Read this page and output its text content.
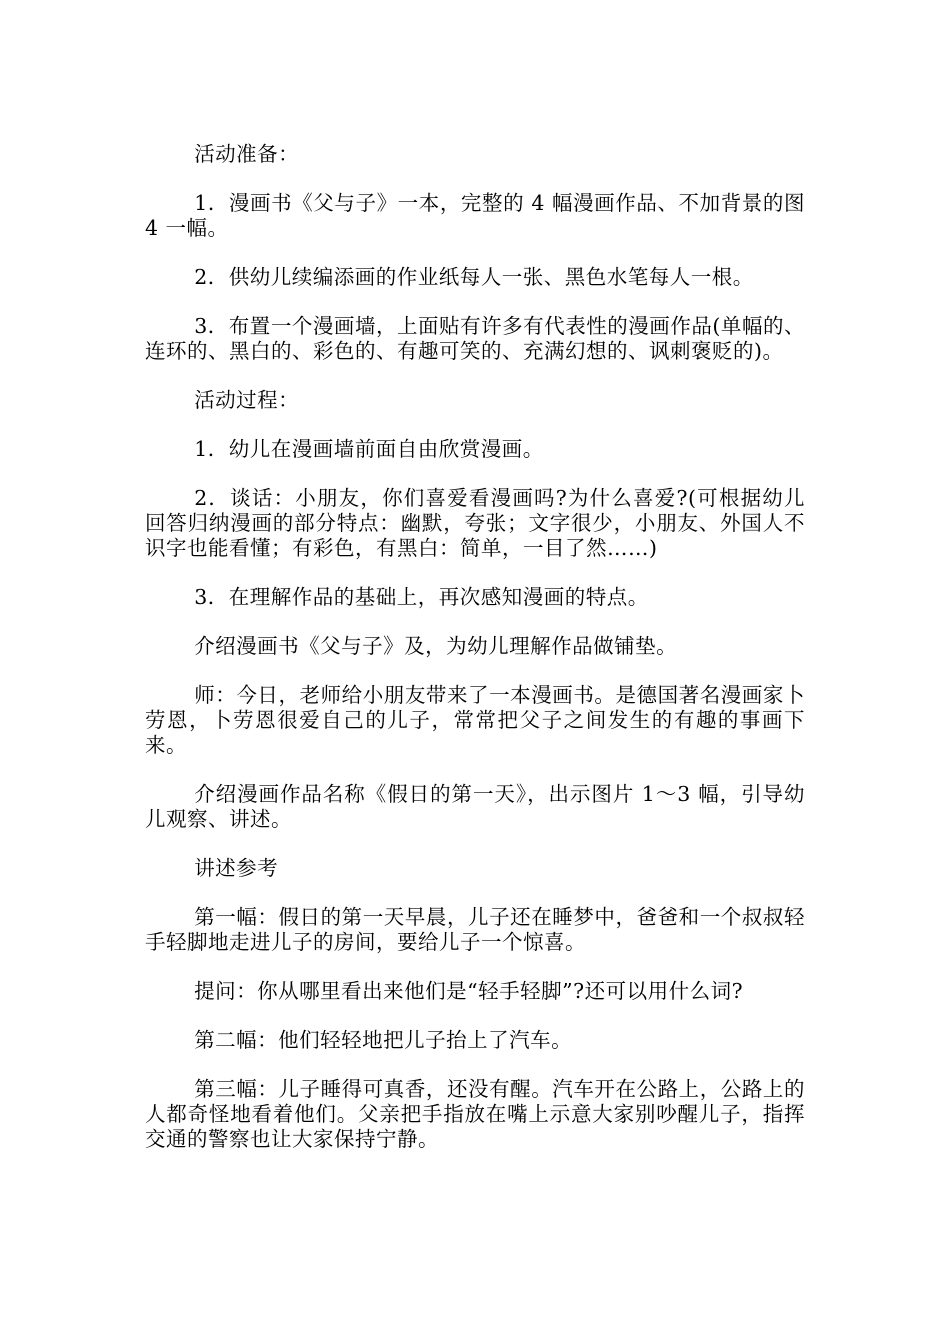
活动准备：

1．漫画书《父与子》一本，完整的 4 幅漫画作品、不加背景的图 4 一幅。

2．供幼儿续编添画的作业纸每人一张、黑色水笔每人一根。

3．布置一个漫画墙，上面贴有许多有代表性的漫画作品(单幅的、连环的、黑白的、彩色的、有趣可笑的、充满幻想的、讽刺褒贬的)。

活动过程：

1．幼儿在漫画墙前面自由欣赏漫画。

2．谈话：小朋友，你们喜爱看漫画吗?为什么喜爱?(可根据幼儿回答归纳漫画的部分特点：幽默，夸张；文字很少，小朋友、外国人不识字也能看懂；有彩色，有黑白：简单，一目了然……)

3．在理解作品的基础上，再次感知漫画的特点。

介绍漫画书《父与子》及，为幼儿理解作品做铺垫。

师：今日，老师给小朋友带来了一本漫画书。是德国著名漫画家卜劳恩，卜劳恩很爱自己的儿子，常常把父子之间发生的有趣的事画下来。

介绍漫画作品名称《假日的第一天》，出示图片 1～3 幅，引导幼儿观察、讲述。

讲述参考

第一幅：假日的第一天早晨，儿子还在睡梦中，爸爸和一个叔叔轻手轻脚地走进儿子的房间，要给儿子一个惊喜。

提问：你从哪里看出来他们是“轻手轻脚”?还可以用什么词?

第二幅：他们轻轻地把儿子抬上了汽车。

第三幅：儿子睡得可真香，还没有醒。汽车开在公路上，公路上的人都奇怪地看着他们。父亲把手指放在嘴上示意大家别吵醒儿子，指挥交通的警察也让大家保持宁静。
